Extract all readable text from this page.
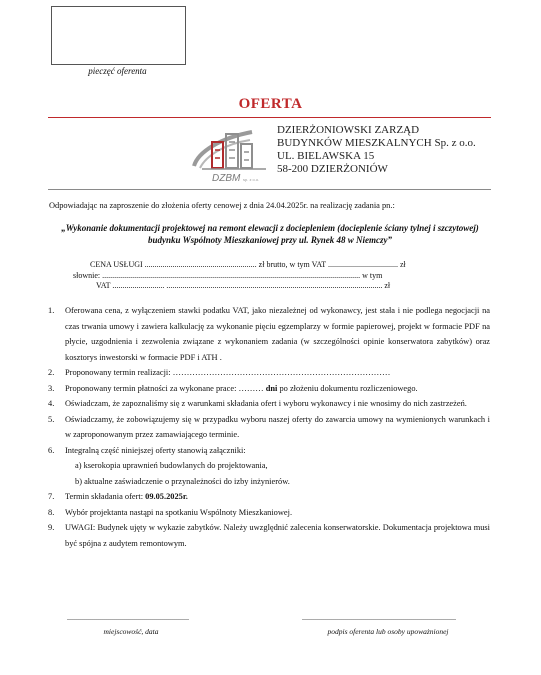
pieczęć oferenta
OFERTA
DZBM sp. z o.o.
DZIERŻONIOWSKI ZARZĄD
BUDYNKÓW MIESZKALNYCH Sp. z o.o.
UL. BIELAWSKA 15
58-200 DZIERŻONIÓW
Odpowiadając na zaproszenie do złożenia oferty cenowej z dnia 24.04.2025r. na realizację zadania pn.:
„Wykonanie dokumentacji projektowej na remont elewacji z dociepleniem (docieplenie ściany tylnej i szczytowej) budynku Wspólnoty Mieszkaniowej przy ul. Rynek 48 w Niemczy”
CENA USŁUGI ........................................................ zł brutto, w tym VAT ................................... zł
słownie: ................................................................................................................................. w tym
VAT .......................... ............................................................................................................ zł
1. Oferowana cena, z wyłączeniem stawki podatku VAT, jako niezależnej od wykonawcy, jest stała i nie podlega negocjacji na czas trwania umowy i zawiera kalkulację za wykonanie pięciu egzemplarzy w formie papierowej, projekt w formacie PDF na płycie, uzgodnienia i zezwolenia związane z wykonaniem zadania (w szczególności opinie konserwatora zabytków) oraz kosztorys inwestorski w formacie PDF i ATH .
2. Proponowany termin realizacji: ……………………………………………………………………
3. Proponowany termin płatności za wykonane prace: ……… dni po złożeniu dokumentu rozliczeniowego.
4. Oświadczam, że zapoznaliśmy się z warunkami składania ofert i wyboru wykonawcy i nie wnosimy do nich zastrzeżeń.
5. Oświadczamy, że zobowiązujemy się w przypadku wyboru naszej oferty do zawarcia umowy na wymienionych warunkach i w zaproponowanym przez zamawiającego terminie.
6. Integralną część niniejszej oferty stanowią załączniki:
a) kserokopia uprawnień budowlanych do projektowania,
b) aktualne zaświadczenie o przynależności do izby inżynierów.
7. Termin składania ofert: 09.05.2025r.
8. Wybór projektanta nastąpi na spotkaniu Wspólnoty Mieszkaniowej.
9. UWAGI: Budynek ujęty w wykazie zabytków. Należy uwzględnić zalecenia konserwatorskie. Dokumentacja projektowa musi być spójna z audytem remontowym.
.............................................................
miejscowość, data
.............................................................................
podpis oferenta lub osoby upoważnionej
